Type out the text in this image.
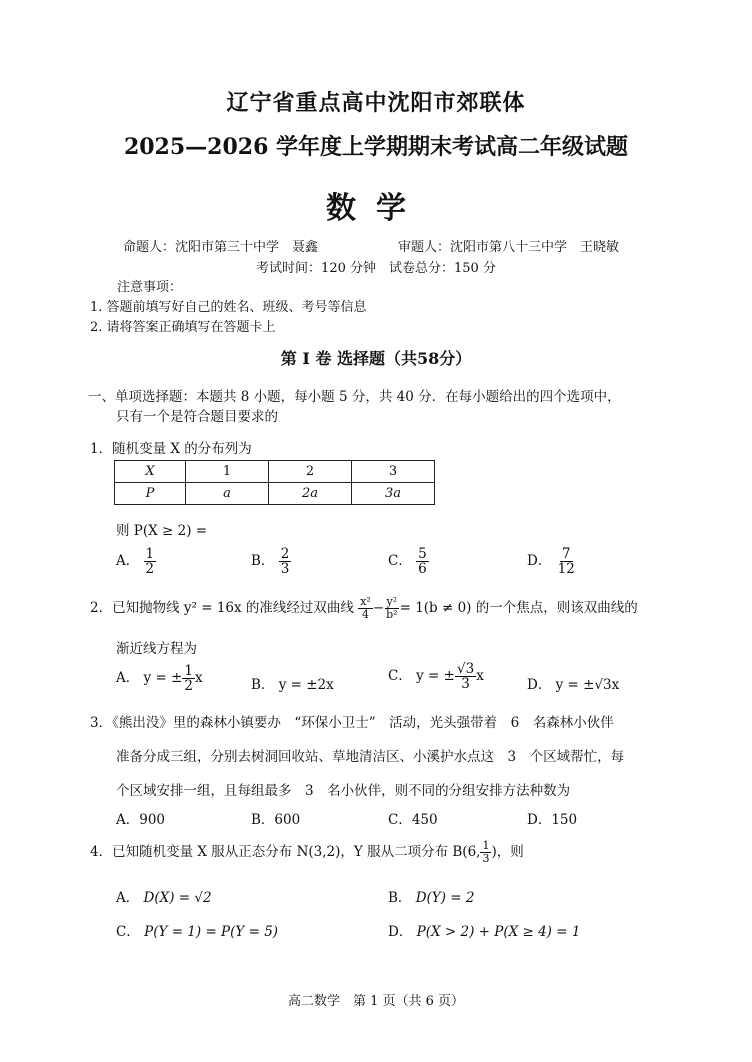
辽宁省重点高中沈阳市郊联体
2025—2026 学年度上学期期末考试高二年级试题
数学
命题人：沈阳市第三十中学　聂鑫	审题人：沈阳市第八十三中学　王晓敏
考试时间：120 分钟　试卷总分：150 分
注意事项：
1. 答题前填写好自己的姓名、班级、考号等信息
2. 请将答案正确填写在答题卡上
第 I 卷 选择题（共58分）
一、单项选择题：本题共 8 小题，每小题 5 分，共 40 分．在每小题给出的四个选项中，
只有一个是符合题目要求的
1．随机变量 X 的分布列为
X	1	2	3
P	a	2a	3a
则 P(X ≥ 2) =
A． $\frac{1}{2}$	B． $\frac{2}{3}$	C． $\frac{5}{6}$	D． $\frac{7}{12}$
2．已知抛物线 y² = 16x 的准线经过双曲线 $\frac{\text{x²}}{4} - \frac{\text{y²}}{\text{b²}} = 1(b \ne 0)$ 的一个焦点，则该双曲线的
渐近线方程为
A． y = ± $\frac{1}{2}$ x	B． y = ±2x
C． y = ± $\frac{√3}{3}$ x
D． y = ±√3x
3．《熊出没》里的森林小镇要办　“环保小卫士”　活动，光头强带着　6　名森林小伙伴
准备分成三组，分别去树洞回收站、草地清洁区、小溪护水点这　3　个区域帮忙，每
个区域安排一组，且每组最多　3　名小伙伴，则不同的分组安排方法种数为
A．900	B．600	C．450	D．150
4．已知随机变量 X 服从正态分布 N(3,2)，Y 服从二项分布 B(6, $\frac{1}{3}$ )，则
A． D(X) = √2	B． D(Y) = 2
C． P(Y = 1) = P(Y = 5)	D． P(X > 2) + P(X ≥ 4) = 1
高二数学　第 1 页（共 6 页）
